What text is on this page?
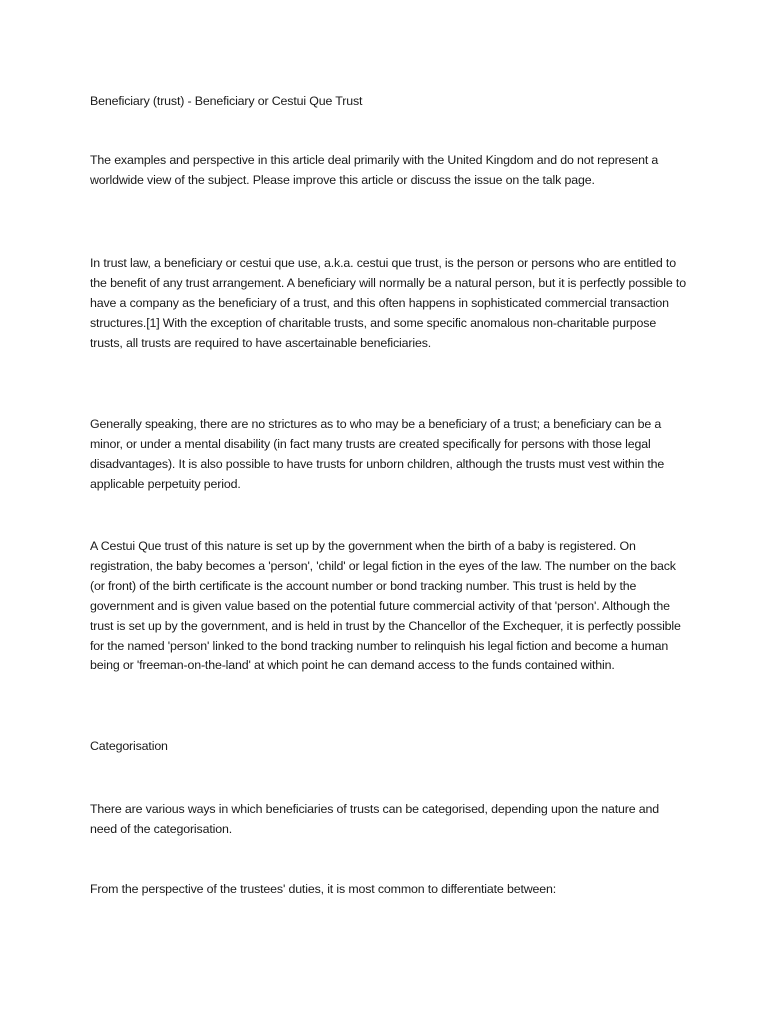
Beneficiary (trust) - Beneficiary or Cestui Que Trust

The examples and perspective in this article deal primarily with the United Kingdom and do not represent a worldwide view of the subject. Please improve this article or discuss the issue on the talk page.

In trust law, a beneficiary or cestui que use, a.k.a. cestui que trust, is the person or persons who are entitled to the benefit of any trust arrangement. A beneficiary will normally be a natural person, but it is perfectly possible to have a company as the beneficiary of a trust, and this often happens in sophisticated commercial transaction structures.[1] With the exception of charitable trusts, and some specific anomalous non-charitable purpose trusts, all trusts are required to have ascertainable beneficiaries.

Generally speaking, there are no strictures as to who may be a beneficiary of a trust; a beneficiary can be a minor, or under a mental disability (in fact many trusts are created specifically for persons with those legal disadvantages). It is also possible to have trusts for unborn children, although the trusts must vest within the applicable perpetuity period.

A Cestui Que trust of this nature is set up by the government when the birth of a baby is registered. On registration, the baby becomes a 'person', 'child' or legal fiction in the eyes of the law. The number on the back (or front) of the birth certificate is the account number or bond tracking number. This trust is held by the government and is given value based on the potential future commercial activity of that 'person'. Although the trust is set up by the government, and is held in trust by the Chancellor of the Exchequer, it is perfectly possible for the named 'person' linked to the bond tracking number to relinquish his legal fiction and become a human being or 'freeman-on-the-land' at which point he can demand access to the funds contained within.

Categorisation

There are various ways in which beneficiaries of trusts can be categorised, depending upon the nature and need of the categorisation.

From the perspective of the trustees' duties, it is most common to differentiate between:
